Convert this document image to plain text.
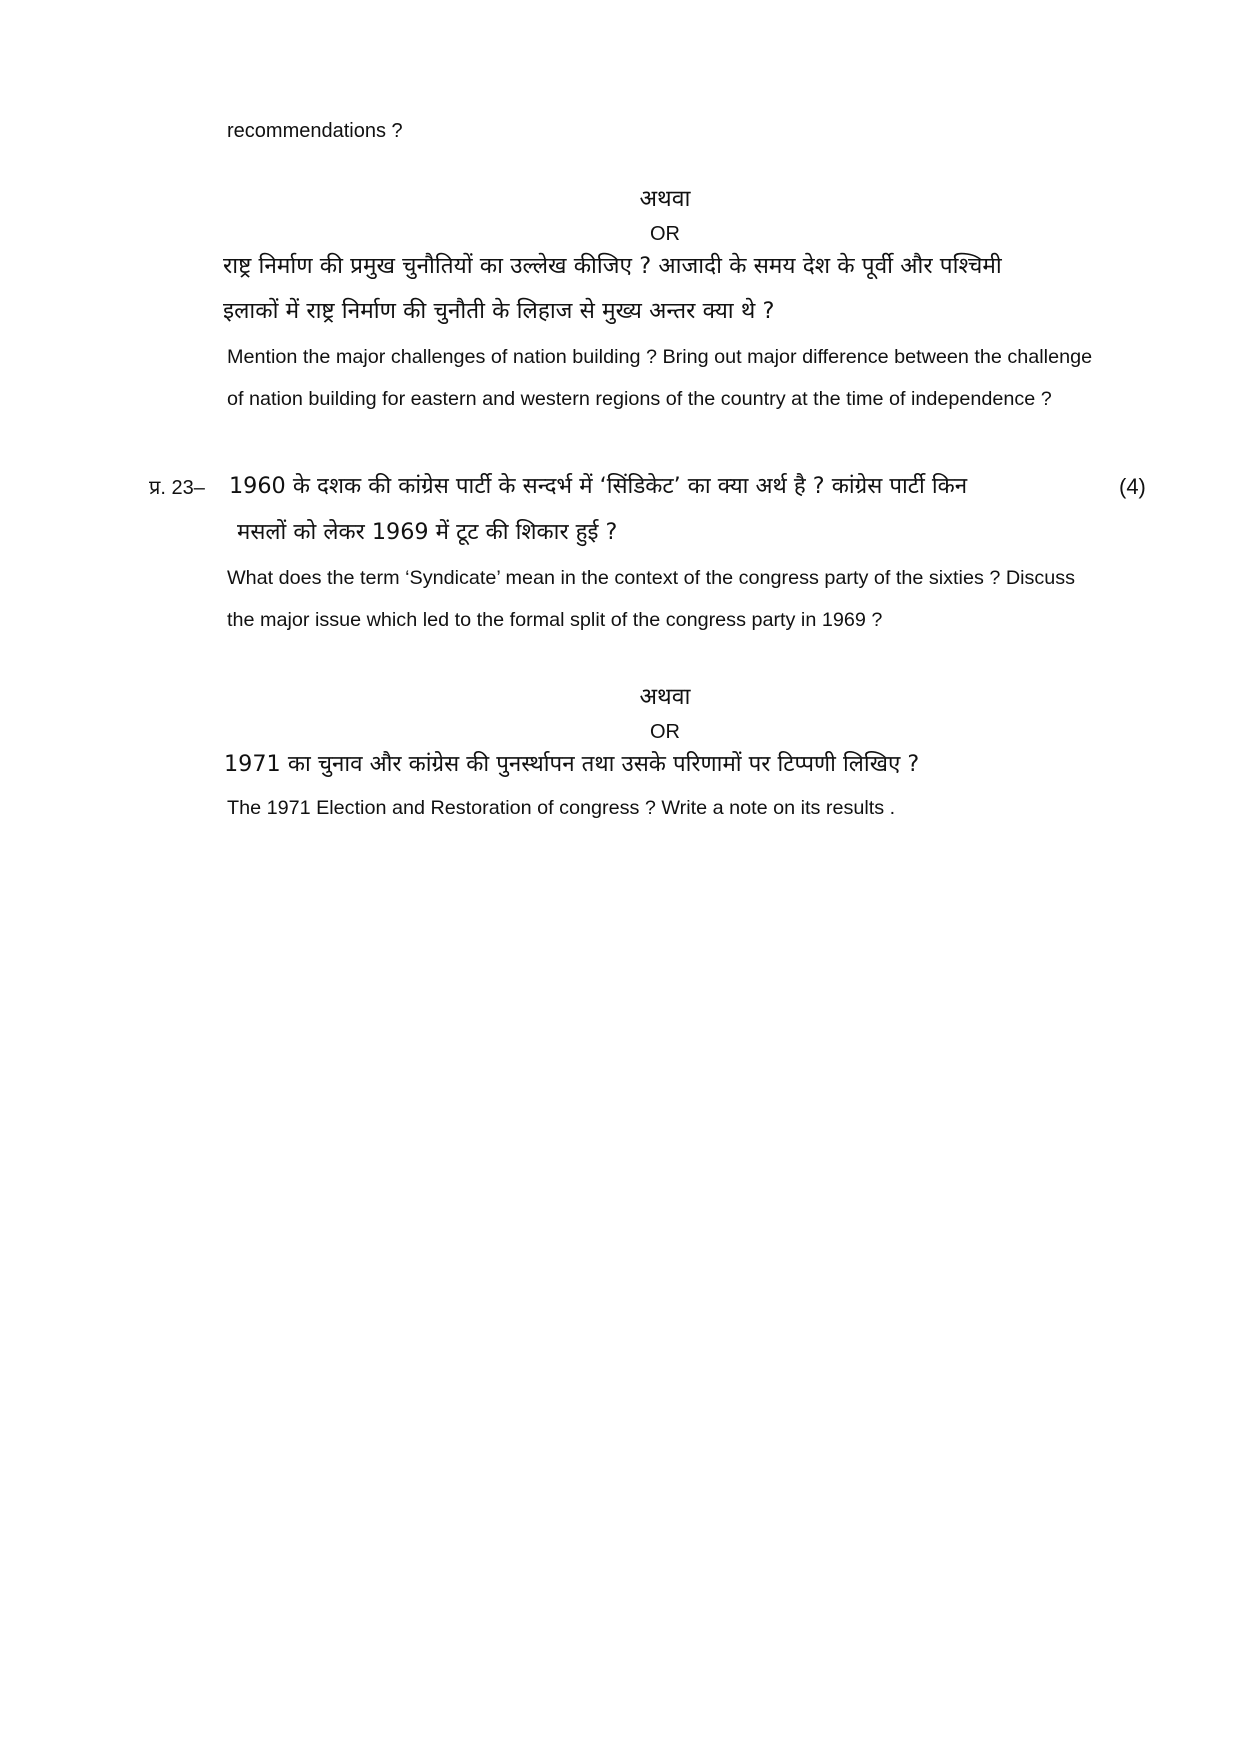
recommendations ?
अथवा
OR
राष्ट्र निर्माण की प्रमुख चुनौतियों का उल्लेख कीजिए ? आजादी के समय देश के पूर्वी और पश्चिमी
इलाकों में राष्ट्र निर्माण की चुनौती के लिहाज से मुख्य अन्तर क्या थे ?
Mention the major challenges of nation building ? Bring out major difference between the challenge
of nation building for eastern and western regions of the country at the time of independence ?
प्र. 23–	(4)
1960 के दशक की कांग्रेस पार्टी के सन्दर्भ में ‘सिंडिकेट’ का क्या अर्थ है ? कांग्रेस पार्टी किन
मसलों को लेकर 1969 में टूट की शिकार हुई ?
What does the term ‘Syndicate’ mean in the context of the congress party of the sixties ? Discuss
the major issue which led to the formal split of the congress party in 1969 ?
अथवा
OR
1971 का चुनाव और कांग्रेस की पुनर्स्थापन तथा उसके परिणामों पर टिप्पणी लिखिए ?
The 1971 Election and Restoration of congress ? Write a note on its results .
